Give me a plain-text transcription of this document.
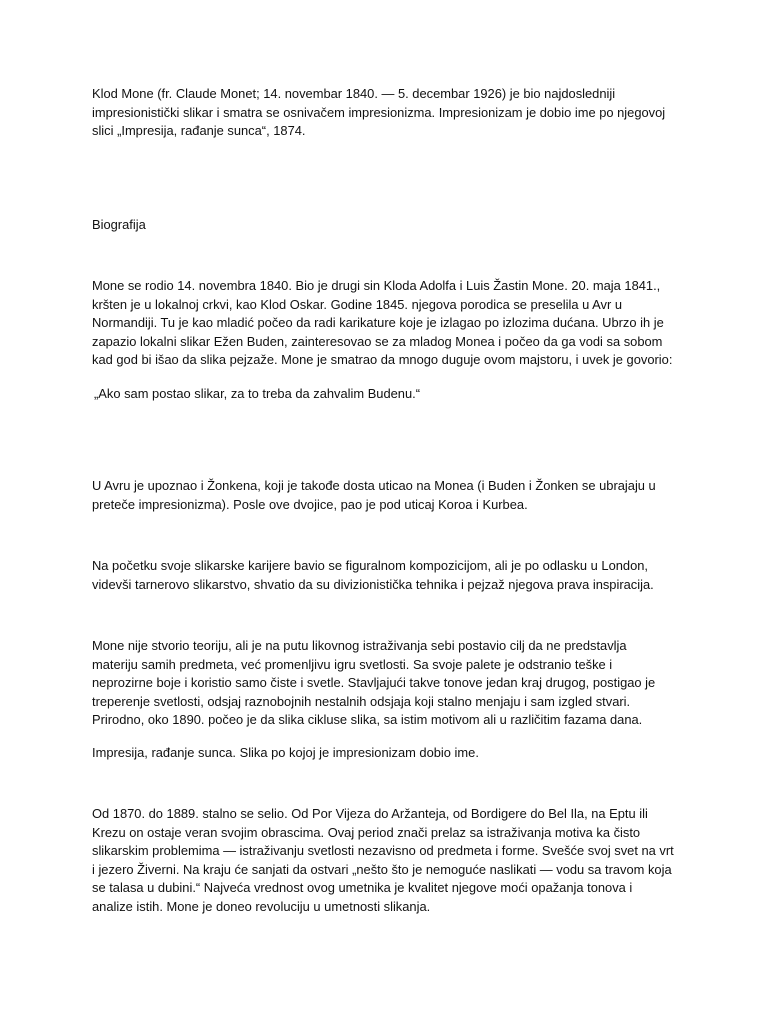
Klod Mone (fr. Claude Monet; 14. novembar 1840. — 5. decembar 1926) je bio najdosledniji
impresionistički slikar i smatra se osnivačem impresionizma. Impresionizam je dobio ime po njegovoj
slici „Impresija, rađanje sunca“, 1874.

Biografija

Mone se rodio 14. novembra 1840. Bio je drugi sin Kloda Adolfa i Luis Žastin Mone. 20. maja 1841.,
kršten je u lokalnoj crkvi, kao Klod Oskar. Godine 1845. njegova porodica se preselila u Avr u
Normandiji. Tu je kao mladić počeo da radi karikature koje je izlagao po izlozima dućana. Ubrzo ih je
zapazio lokalni slikar Ežen Buden, zainteresovao se za mladog Monea i počeo da ga vodi sa sobom
kad god bi išao da slika pejzaže. Mone je smatrao da mnogo duguje ovom majstoru, i uvek je govorio:

„Ako sam postao slikar, za to treba da zahvalim Budenu.“

U Avru je upoznao i Žonkena, koji je takođe dosta uticao na Monea (i Buden i Žonken se ubrajaju u
preteče impresionizma). Posle ove dvojice, pao je pod uticaj Koroa i Kurbea.

Na početku svoje slikarske karijere bavio se figuralnom kompozicijom, ali je po odlasku u London,
videvši tarnerovo slikarstvo, shvatio da su divizionistička tehnika i pejzaž njegova prava inspiracija.

Mone nije stvorio teoriju, ali je na putu likovnog istraživanja sebi postavio cilj da ne predstavlja
materiju samih predmeta, već promenljivu igru svetlosti. Sa svoje palete je odstranio teške i
neprozirne boje i koristio samo čiste i svetle. Stavljajući takve tonove jedan kraj drugog, postigao je
treperenje svetlosti, odsjaj raznobojnih nestalnih odsjaja koji stalno menjaju i sam izgled stvari.
Prirodno, oko 1890. počeo je da slika cikluse slika, sa istim motivom ali u različitim fazama dana.

Impresija, rađanje sunca. Slika po kojoj je impresionizam dobio ime.

Od 1870. do 1889. stalno se selio. Od Por Vijeza do Aržanteja, od Bordigere do Bel Ila, na Eptu ili
Krezu on ostaje veran svojim obrascima. Ovaj period znači prelaz sa istraživanja motiva ka čisto
slikarskim problemima — istraživanju svetlosti nezavisno od predmeta i forme. Svešće svoj svet na vrt
i jezero Živerni. Na kraju će sanjati da ostvari „nešto što je nemoguće naslikati — vodu sa travom koja
se talasa u dubini.“ Najveća vrednost ovog umetnika je kvalitet njegove moći opažanja tonova i
analize istih. Mone je doneo revoluciju u umetnosti slikanja.
